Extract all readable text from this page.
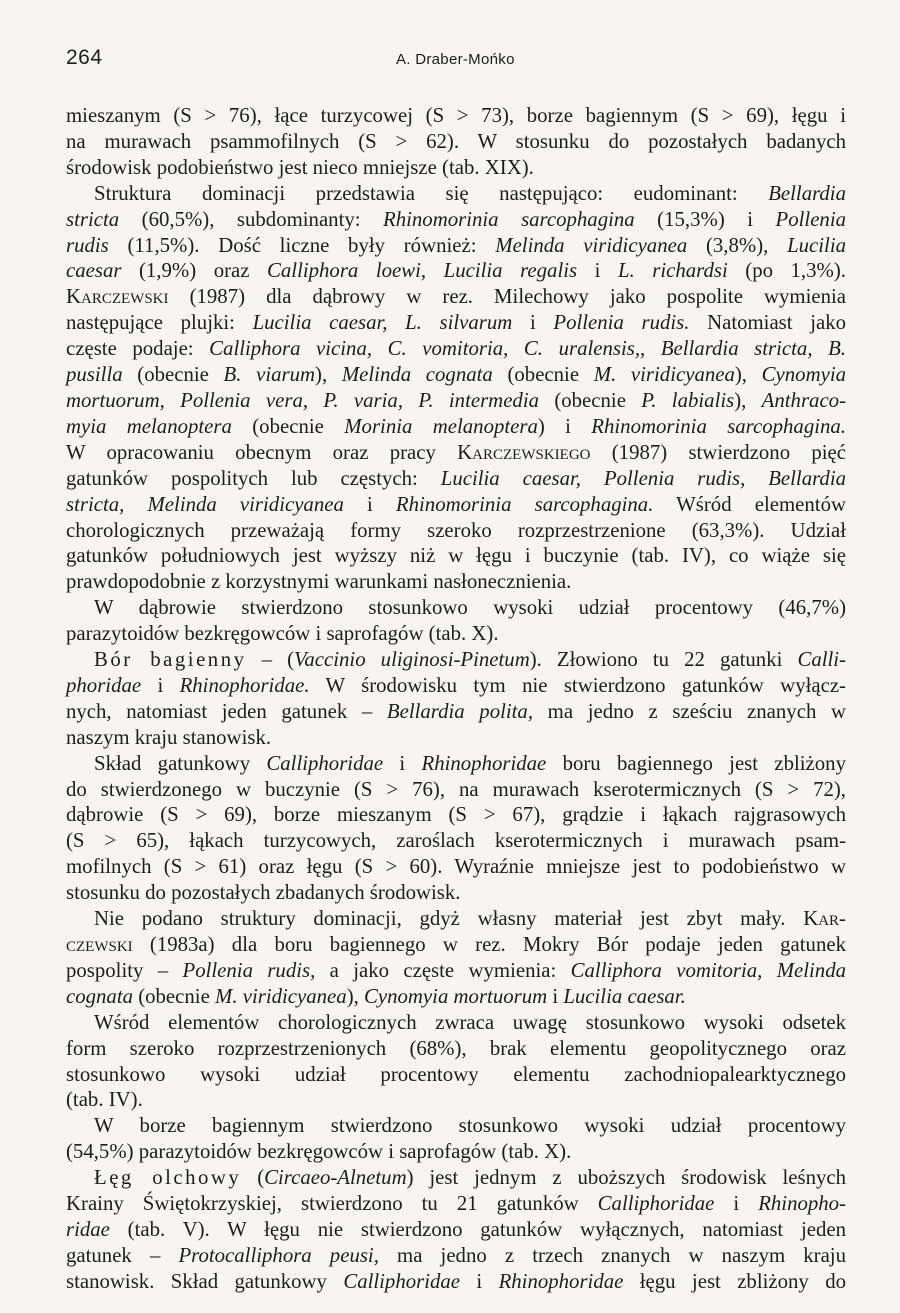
264	A. Draber-Mońko
mieszanym (S > 76), łące turzycowej (S > 73), borze bagiennym (S > 69), łęgu i
na murawach psammofilnych (S > 62). W stosunku do pozostałych badanych
środowisk podobieństwo jest nieco mniejsze (tab. XIX).
Struktura dominacji przedstawia się następująco: eudominant: Bellardia
stricta (60,5%), subdominanty: Rhinomorinia sarcophagina (15,3%) i Pollenia
rudis (11,5%). Dość liczne były również: Melinda viridicyanea (3,8%), Lucilia
caesar (1,9%) oraz Calliphora loewi, Lucilia regalis i L. richardsi (po 1,3%).
Karczewski (1987) dla dąbrowy w rez. Milechowy jako pospolite wymienia
następujące plujki: Lucilia caesar, L. silvarum i Pollenia rudis. Natomiast jako
częste podaje: Calliphora vicina, C. vomitoria, C. uralensis,, Bellardia stricta, B.
pusilla (obecnie B. viarum), Melinda cognata (obecnie M. viridicyanea), Cynomyia
mortuorum, Pollenia vera, P. varia, P. intermedia (obecnie P. labialis), Anthraco-
myia melanoptera (obecnie Morinia melanoptera) i Rhinomorinia sarcophagina.
W opracowaniu obecnym oraz pracy Karczewskiego (1987) stwierdzono pięć
gatunków pospolitych lub częstych: Lucilia caesar, Pollenia rudis, Bellardia
stricta, Melinda viridicyanea i Rhinomorinia sarcophagina. Wśród elementów
chorologicznych przeważają formy szeroko rozprzestrzenione (63,3%). Udział
gatunków południowych jest wyższy niż w łęgu i buczynie (tab. IV), co wiąże się
prawdopodobnie z korzystnymi warunkami nasłonecznienia.
W dąbrowie stwierdzono stosunkowo wysoki udział procentowy (46,7%)
parazytoidów bezkręgowców i saprofagów (tab. X).
Bór bagienny – (Vaccinio uliginosi-Pinetum). Złowiono tu 22 gatunki Calli-
phoridae i Rhinophoridae. W środowisku tym nie stwierdzono gatunków wyłącz-
nych, natomiast jeden gatunek – Bellardia polita, ma jedno z sześciu znanych w
naszym kraju stanowisk.
Skład gatunkowy Calliphoridae i Rhinophoridae boru bagiennego jest zbliżony
do stwierdzonego w buczynie (S > 76), na murawach kserotermicznych (S > 72),
dąbrowie (S > 69), borze mieszanym (S > 67), grądzie i łąkach rajgrasowych
(S > 65), łąkach turzycowych, zaroślach kserotermicznych i murawach psam-
mofilnych (S > 61) oraz łęgu (S > 60). Wyraźnie mniejsze jest to podobieństwo w
stosunku do pozostałych zbadanych środowisk.
Nie podano struktury dominacji, gdyż własny materiał jest zbyt mały. Kar-
czewski (1983a) dla boru bagiennego w rez. Mokry Bór podaje jeden gatunek
pospolity – Pollenia rudis, a jako częste wymienia: Calliphora vomitoria, Melinda
cognata (obecnie M. viridicyanea), Cynomyia mortuorum i Lucilia caesar.
Wśród elementów chorologicznych zwraca uwagę stosunkowo wysoki odsetek
form szeroko rozprzestrzenionych (68%), brak elementu geopolitycznego oraz
stosunkowo wysoki udział procentowy elementu zachodniopalearktycznego
(tab. IV).
W borze bagiennym stwierdzono stosunkowo wysoki udział procentowy
(54,5%) parazytoidów bezkręgowców i saprofagów (tab. X).
Łęg olchowy (Circaeo-Alnetum) jest jednym z uboższych środowisk leśnych
Krainy Świętokrzyskiej, stwierdzono tu 21 gatunków Calliphoridae i Rhinopho-
ridae (tab. V). W łęgu nie stwierdzono gatunków wyłącznych, natomiast jeden
gatunek – Protocalliphora peusi, ma jedno z trzech znanych w naszym kraju
stanowisk. Skład gatunkowy Calliphoridae i Rhinophoridae łęgu jest zbliżony do
